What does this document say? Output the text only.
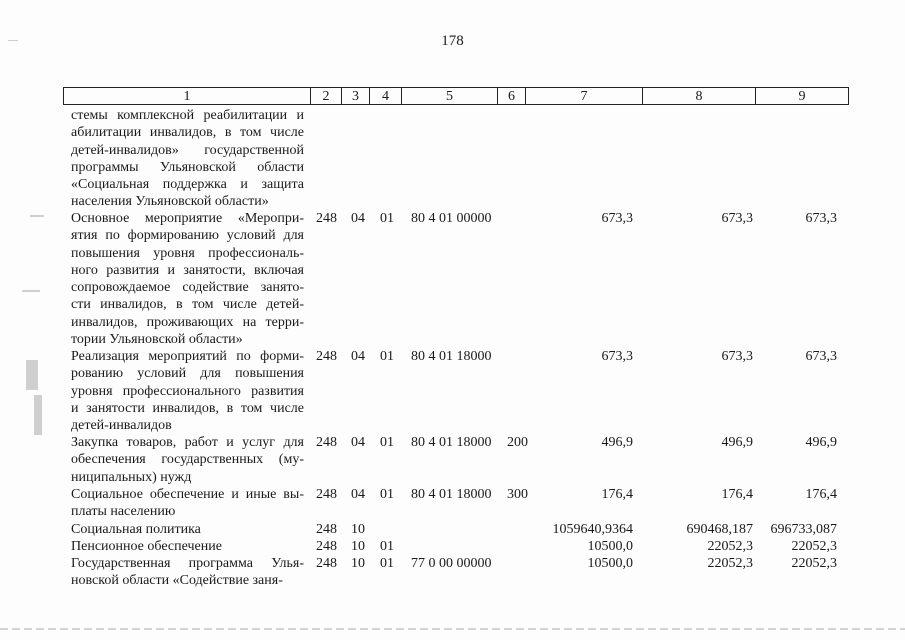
178
1	2	3	4	5	6	7	8	9
стемы комплексной реабилитации и
абилитации инвалидов, в том числе
детей-инвалидов» государственной
программы Ульяновской области
«Социальная поддержка и защита
населения Ульяновской области»
Основное мероприятие «Меропри-
ятия по формированию условий для
повышения уровня профессиональ-
ного развития и занятости, включая
сопровождаемое содействие занято-
сти инвалидов, в том числе детей-
инвалидов, проживающих на терри-
тории Ульяновской области»
248 04 01 80 4 01 00000	673,3	673,3	673,3
Реализация мероприятий по форми-
рованию условий для повышения
уровня профессионального развития
и занятости инвалидов, в том числе
детей-инвалидов
248 04 01 80 4 01 18000	673,3	673,3	673,3
Закупка товаров, работ и услуг для
обеспечения государственных (му-
ниципальных) нужд
248 04 01 80 4 01 18000 200	496,9	496,9	496,9
Социальное обеспечение и иные вы-
платы населению
248 04 01 80 4 01 18000 300	176,4	176,4	176,4
Социальная политика	248 10	1059640,9364	690468,187	696733,087
Пенсионное обеспечение	248 10 01	10500,0	22052,3	22052,3
Государственная программа Улья-
новской области «Содействие заня-
248 10 01 77 0 00 00000	10500,0	22052,3	22052,3
